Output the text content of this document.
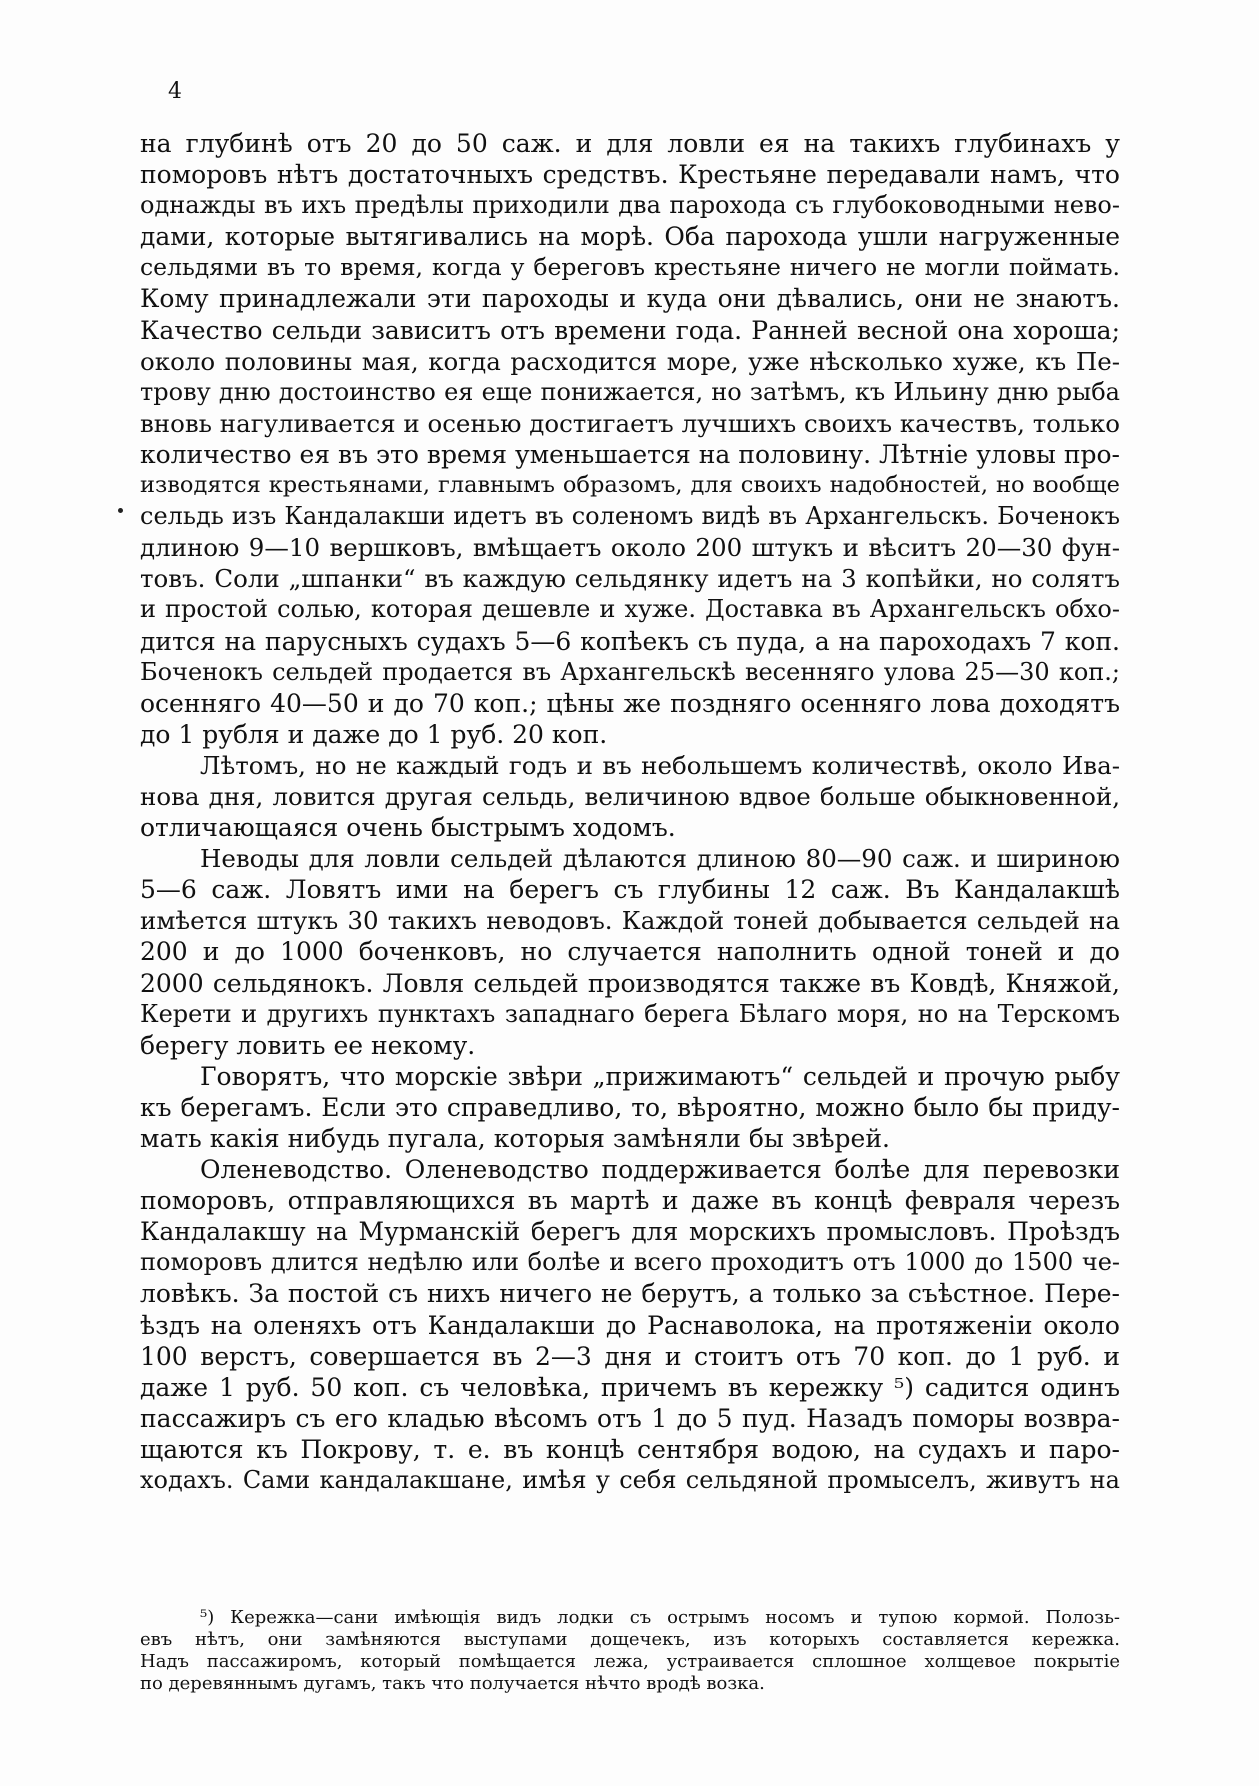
4
на глубинѣ отъ 20 до 50 саж. и для ловли ея на такихъ глубинахъ у
поморовъ нѣтъ достаточныхъ средствъ. Крестьяне передавали намъ, что
однажды въ ихъ предѣлы приходили два парохода съ глубоководными нево-
дами, которые вытягивались на морѣ. Оба парохода ушли нагруженные
сельдями въ то время, когда у береговъ крестьяне ничего не могли поймать.
Кому принадлежали эти пароходы и куда они дѣвались, они не знаютъ.
Качество сельди зависитъ отъ времени года. Ранней весной она хороша;
около половины мая, когда расходится море, уже нѣсколько хуже, къ Пе-
трову дню достоинство ея еще понижается, но затѣмъ, къ Ильину дню рыба
вновь нагуливается и осенью достигаетъ лучшихъ своихъ качествъ, только
количество ея въ это время уменьшается на половину. Лѣтніе уловы про-
изводятся крестьянами, главнымъ образомъ, для своихъ надобностей, но вообще
сельдь изъ Кандалакши идетъ въ соленомъ видѣ въ Архангельскъ. Боченокъ
длиною 9—10 вершковъ, вмѣщаетъ около 200 штукъ и вѣситъ 20—30 фун-
товъ. Соли „шпанки“ въ каждую сельдянку идетъ на 3 копѣйки, но солятъ
и простой солью, которая дешевле и хуже. Доставка въ Архангельскъ обхо-
дится на парусныхъ судахъ 5—6 копѣекъ съ пуда, а на пароходахъ 7 коп.
Боченокъ сельдей продается въ Архангельскѣ весенняго улова 25—30 коп.;
осенняго 40—50 и до 70 коп.; цѣны же поздняго осенняго лова доходятъ
до 1 рубля и даже до 1 руб. 20 коп.
Лѣтомъ, но не каждый годъ и въ небольшемъ количествѣ, около Ива-
нова дня, ловится другая сельдь, величиною вдвое больше обыкновенной,
отличающаяся очень быстрымъ ходомъ.
Неводы для ловли сельдей дѣлаются длиною 80—90 саж. и шириною
5—6 саж. Ловятъ ими на берегъ съ глубины 12 саж. Въ Кандалакшѣ
имѣется штукъ 30 такихъ неводовъ. Каждой тоней добывается сельдей на
200 и до 1000 боченковъ, но случается наполнить одной тоней и до
2000 сельдянокъ. Ловля сельдей производятся также въ Ковдѣ, Княжой,
Керети и другихъ пунктахъ западнаго берега Бѣлаго моря, но на Терскомъ
берегу ловить ее некому.
Говорятъ, что морскіе звѣри „прижимаютъ“ сельдей и прочую рыбу
къ берегамъ. Если это справедливо, то, вѣроятно, можно было бы приду-
мать какія нибудь пугала, которыя замѣняли бы звѣрей.
Оленеводство. Оленеводство поддерживается болѣе для перевозки
поморовъ, отправляющихся въ мартѣ и даже въ концѣ февраля черезъ
Кандалакшу на Мурманскій берегъ для морскихъ промысловъ. Проѣздъ
поморовъ длится недѣлю или болѣе и всего проходитъ отъ 1000 до 1500 че-
ловѣкъ. За постой съ нихъ ничего не берутъ, а только за съѣстное. Пере-
ѣздъ на оленяхъ отъ Кандалакши до Раснаволока, на протяженіи около
100 верстъ, совершается въ 2—3 дня и стоитъ отъ 70 коп. до 1 руб. и
даже 1 руб. 50 коп. съ человѣка, причемъ въ керeжку ⁵) садится одинъ
пассажиръ съ его кладью вѣсомъ отъ 1 до 5 пуд. Назадъ поморы возвра-
щаются къ Покрову, т. е. въ концѣ сентября водою, на судахъ и паро-
ходахъ. Сами кандалакшане, имѣя у себя сельдяной промыселъ, живутъ на
⁵) Кережка—сани имѣющія видъ лодки съ острымъ носомъ и тупою кормой. Полозь-
евъ нѣтъ, они замѣняются выступами дощечекъ, изъ которыхъ составляется кережка.
Надъ пассажиромъ, который помѣщается лежа, устраивается сплошное холщевое покрытіе
по деревяннымъ дугамъ, такъ что получается нѣчто вродѣ возка.
